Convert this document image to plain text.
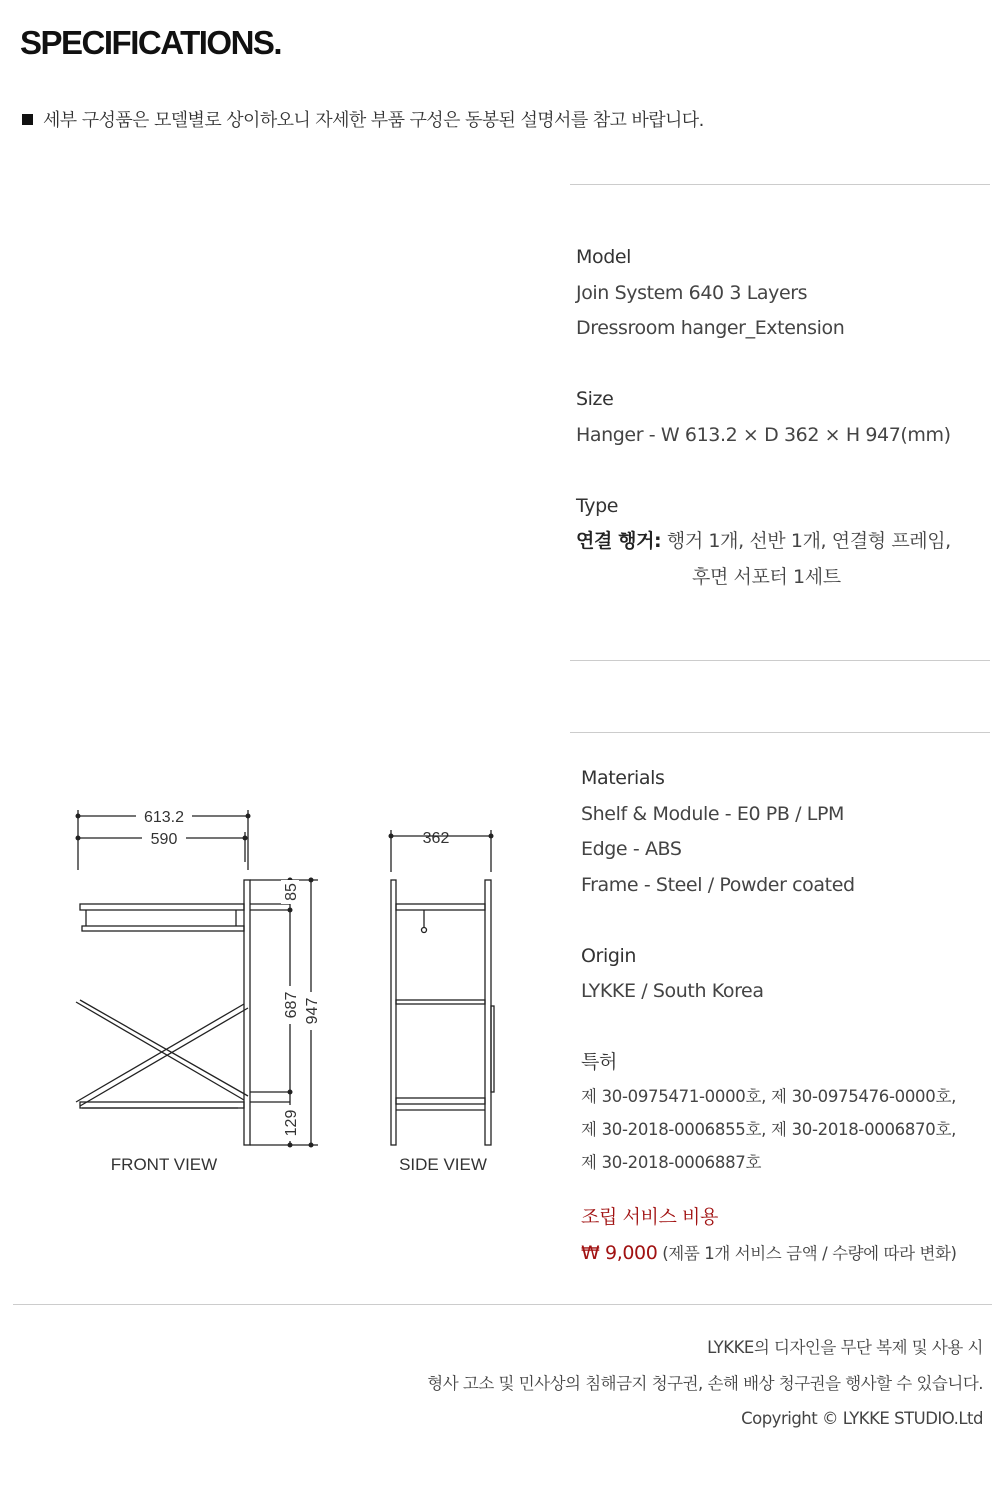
SPECIFICATIONS.
세부 구성품은 모델별로 상이하오니 자세한 부품 구성은 동봉된 설명서를 참고 바랍니다.
Model
Join System 640 3 Layers
Dressroom hanger_Extension
Size
Hanger - W 613.2 × D 362 × H 947(mm)
Type
연결 행거: 행거 1개, 선반 1개, 연결형 프레임,
후면 서포터 1세트
613.2
590
85
687 947
129
FRONT VIEW	SIDE VIEW
362
Materials
Shelf & Module - E0 PB / LPM
Edge - ABS
Frame - Steel / Powder coated
Origin
LYKKE / South Korea
특허
제 30-0975471-0000호, 제 30-0975476-0000호,
제 30-2018-0006855호, 제 30-2018-0006870호,
제 30-2018-0006887호
조립 서비스 비용
₩ 9,000 (제품 1개 서비스 금액 / 수량에 따라 변화)
LYKKE의 디자인을 무단 복제 및 사용 시
형사 고소 및 민사상의 침해금지 청구권, 손해 배상 청구권을 행사할 수 있습니다.
Copyright © LYKKE STUDIO.Ltd
